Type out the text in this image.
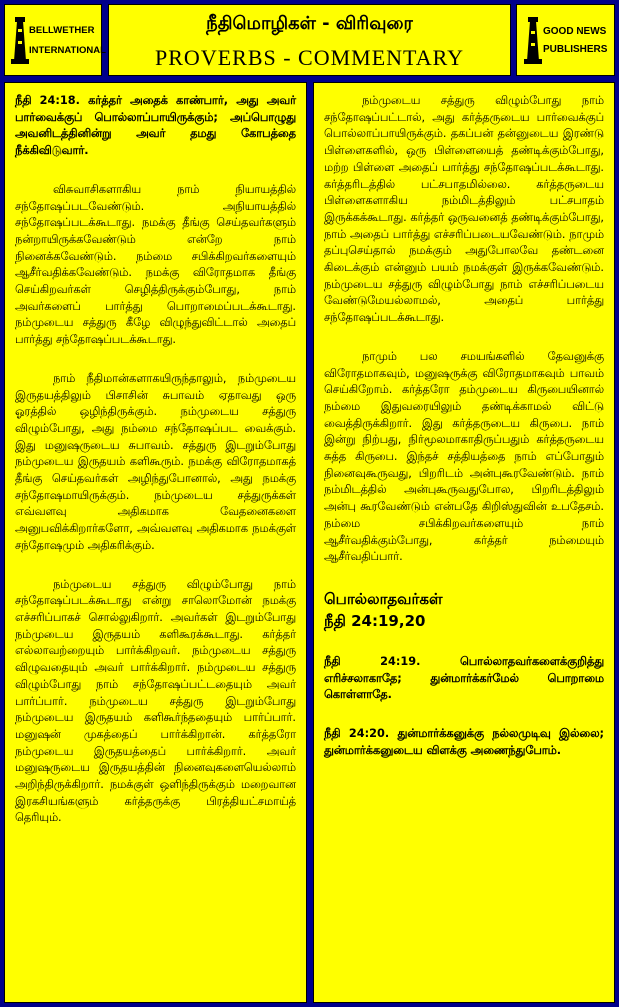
BELLWETHER
INTERNATIONAL
நீதிமொழிகள் - விரிவுரை
PROVERBS - COMMENTARY
GOOD NEWS
PUBLISHERS

நீதி 24:18. கர்த்தர் அதைக் காண்பார், அது அவர் பார்வைக்குப் பொல்லாப்பாயிருக்கும்; அப்பொழுது அவனிடத்தினின்று அவர் தமது கோபத்தை நீக்கிவிடுவார்.

விசுவாசிகளாகிய நாம் நியாயத்தில் சந்தோஷப்படவேண்டும். அநியாயத்தில் சந்தோஷப்படக்கூடாது. நமக்கு தீங்கு செய்தவர்களும் நன்றாயிருக்கவேண்டும் என்றே நாம் நினைக்கவேண்டும். நம்மை சபிக்கிறவர்களையும் ஆசீர்வதிக்கவேண்டும். நமக்கு விரோதமாக தீங்கு செய்கிறவர்கள் செழித்திருக்கும்போது, நாம் அவர்களைப் பார்த்து பொறாமைப்படக்கூடாது. நம்முடைய சத்துரு கீழே விழுந்துவிட்டால் அதைப் பார்த்து சந்தோஷப்படக்கூடாது.

நாம் நீதிமான்களாகயிருந்தாலும், நம்முடைய இருதயத்திலும் பிசாசின் சுபாவம் ஏதாவது ஒரு ஓரத்தில் ஒழிந்திருக்கும். நம்முடைய சத்துரு விழும்போது, அது நம்மை சந்தோஷப்பட வைக்கும். இது மனுஷருடைய சுபாவம். சத்துரு இடறும்போது நம்முடைய இருதயம் களிகூரும். நமக்கு விரோதமாகத் தீங்கு செய்தவர்கள் அழிந்துபோனால், அது நமக்கு சந்தோஷமாயிருக்கும். நம்முடைய சத்துருக்கள் எவ்வளவு அதிகமாக வேதனைகளை அனுபவிக்கிறார்களோ, அவ்வளவு அதிகமாக நமக்குள் சந்தோஷமும் அதிகரிக்கும்.

நம்முடைய சத்துரு விழும்போது நாம் சந்தோஷப்படக்கூடாது என்று சாலொமோன் நமக்கு எச்சரிப்பாகச் சொல்லுகிறார். அவர்கள் இடறும்போது நம்முடைய இருதயம் களிகூரக்கூடாது. கர்த்தர் எல்லாவற்றையும் பார்க்கிறவர். நம்முடைய சத்துரு விழுவதையும் அவர் பார்க்கிறார். நம்முடைய சத்துரு விழும்போது நாம் சந்தோஷப்பட்டதையும் அவர் பார்ப்பார். நம்முடைய சத்துரு இடறும்போது நம்முடைய இருதயம் களிகூர்ந்ததையும் பார்ப்பார். மனுஷன் முகத்தைப் பார்க்கிறான். கர்த்தரோ நம்முடைய இருதயத்தைப் பார்க்கிறார். அவர் மனுஷருடைய இருதயத்தின் நினைவுகளையெல்லாம் அறிந்திருக்கிறார். நமக்குள் ஒளிந்திருக்கும் மறைவான இரகசியங்களும் கர்த்தருக்கு பிரத்தியட்சமாய்த் தெரியும்.

நம்முடைய சத்துரு விழும்போது நாம் சந்தோஷப்பட்டால், அது கர்த்தருடைய பார்வைக்குப் பொல்லாப்பாயிருக்கும். தகப்பன் தன்னுடைய இரண்டு பிள்ளைகளில், ஒரு பிள்ளையைத் தண்டிக்கும்போது, மற்ற பிள்ளை அதைப் பார்த்து சந்தோஷப்படக்கூடாது. கர்த்தரிடத்தில் பட்சபாதமில்லை. கர்த்தருடைய பிள்ளைகளாகிய நம்மிடத்திலும் பட்சபாதம் இருக்கக்கூடாது. கர்த்தர் ஒருவனைத் தண்டிக்கும்போது, நாம் அதைப் பார்த்து எச்சரிப்படையவேண்டும். நாமும் தப்புசெய்தால் நமக்கும் அதுபோலவே தண்டனை கிடைக்கும் என்னும் பயம் நமக்குள் இருக்கவேண்டும். நம்முடைய சத்துரு விழும்போது நாம் எச்சரிப்படைய வேண்டுமேயல்லாமல், அதைப் பார்த்து சந்தோஷப்படக்கூடாது.

நாமும் பல சமயங்களில் தேவனுக்கு விரோதமாகவும், மனுஷருக்கு விரோதமாகவும் பாவம் செய்கிறோம். கர்த்தரோ தம்முடைய கிருபையினால் நம்மை இதுவரையிலும் தண்டிக்காமல் விட்டு வைத்திருக்கிறார். இது கர்த்தருடைய கிருபை. நாம் இன்று நிற்பது, நிர்மூலமாகாதிருப்பதும் கர்த்தருடைய சுத்த கிருபை. இந்தச் சத்தியத்தை நாம் எப்போதும் நினைவுகூருவது, பிறரிடம் அன்புகூரவேண்டும். நாம் நம்மிடத்தில் அன்புகூருவதுபோல, பிறரிடத்திலும் அன்பு கூரவேண்டும் என்பதே கிறிஸ்துவின் உபதேசம். நம்மை சபிக்கிறவர்களையும் நாம் ஆசீர்வதிக்கும்போது, கர்த்தர் நம்மையும் ஆசீர்வதிப்பார்.

பொல்லாதவர்கள்
நீதி 24:19,20

நீதி 24:19. பொல்லாதவர்களைக்குறித்து எரிச்சலாகாதே; துன்மார்க்கர்மேல் பொறாமை கொள்ளாதே.

நீதி 24:20. துன்மார்க்கனுக்கு நல்லமுடிவு இல்லை; துன்மார்க்கனுடைய விளக்கு அணைந்துபோம்.
